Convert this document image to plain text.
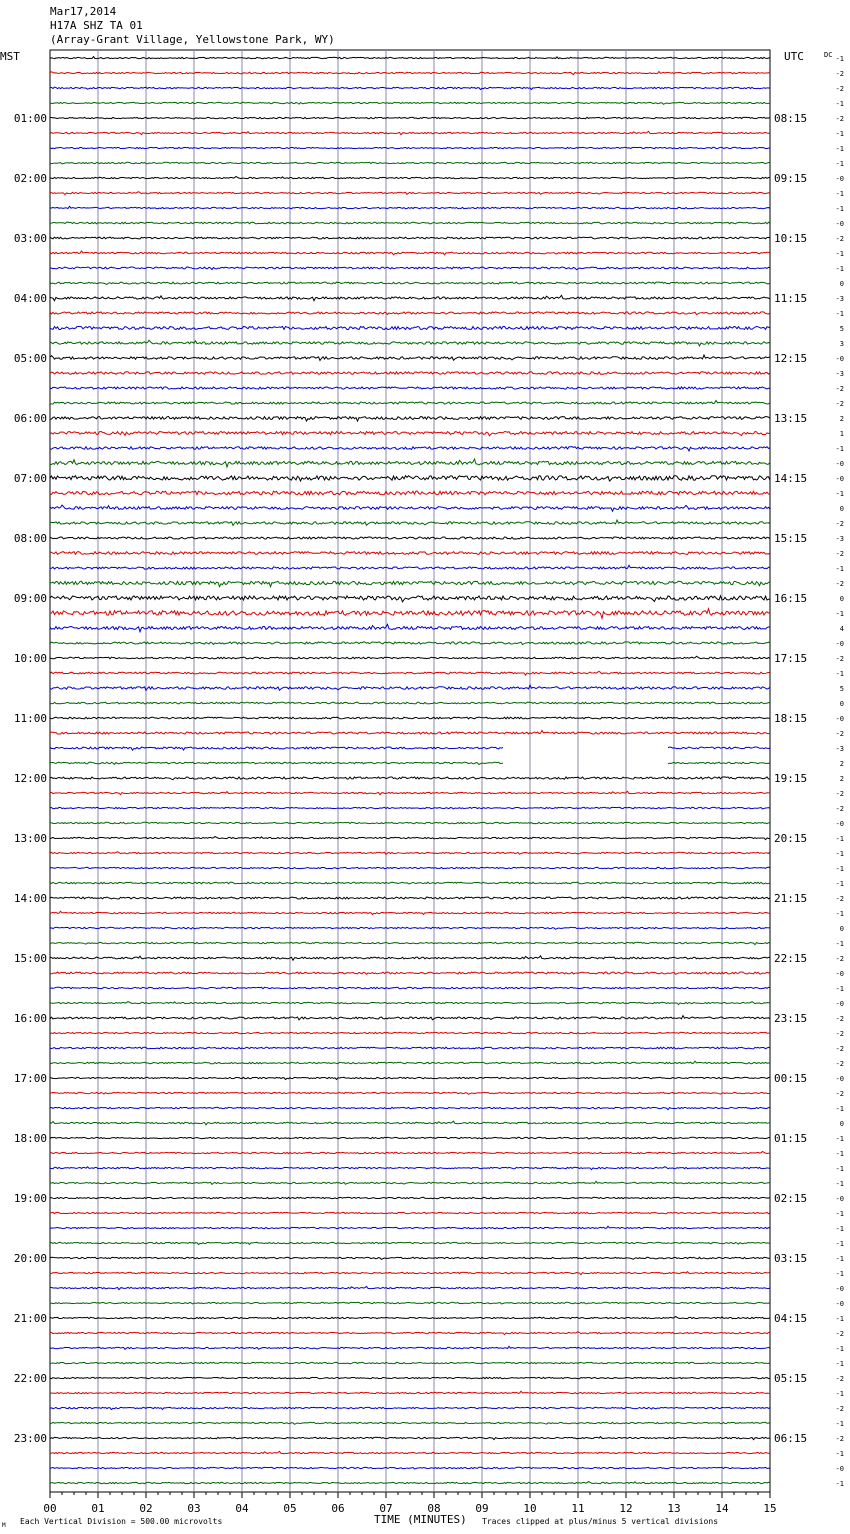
Mar17,2014
H17A SHZ TA 01
(Array-Grant Village, Yellowstone Park, WY)
01:00	08:15
02:00	09:15
03:00	10:15
04:00	11:15
05:00	12:15
06:00	13:15
07:00	14:15
08:00	15:15
09:00	16:15
10:00	17:15
11:00	18:15
12:00	19:15
13:00	20:15
14:00	21:15
15:00	22:15
16:00	23:15
17:00	00:15
18:00	01:15
19:00	02:15
20:00	03:15
21:00	04:15
22:00	05:15
23:00	06:15
MST	UTC	DC -1
-2
-2
-1
-2
-1
-1
-1
-0
-1
-1
-0
-2
-1
-1
0
-3
-1
5
3
-0
-3
-2
-2
2
1
-1
-0
-0
-1
0
-2
-3
-2
-1
-2
0
-1
4
-0
-2
-1
5
0
-0
-2
-3
2
2
-2
-2
-0
-1
-1
-1
-1
-2
-1
0
-1
-2
-0
-1
-0
-2
-2
-2
-2
-0
-2
-1
0
-1
-1
-1
-1
-0
-1
-1
-1
-1
-1
-0
-0
-1
-2
-1
-1
-2
-1
-2
-1
-2
-1
-0
-1
00	01	02	03	04	05	06	07	08	09	10	11	12	13	14	15
TIME (MINUTES)
Each Vertical Division = 500.00 microvolts	Traces clipped at plus/minus 5 vertical divisions
M
